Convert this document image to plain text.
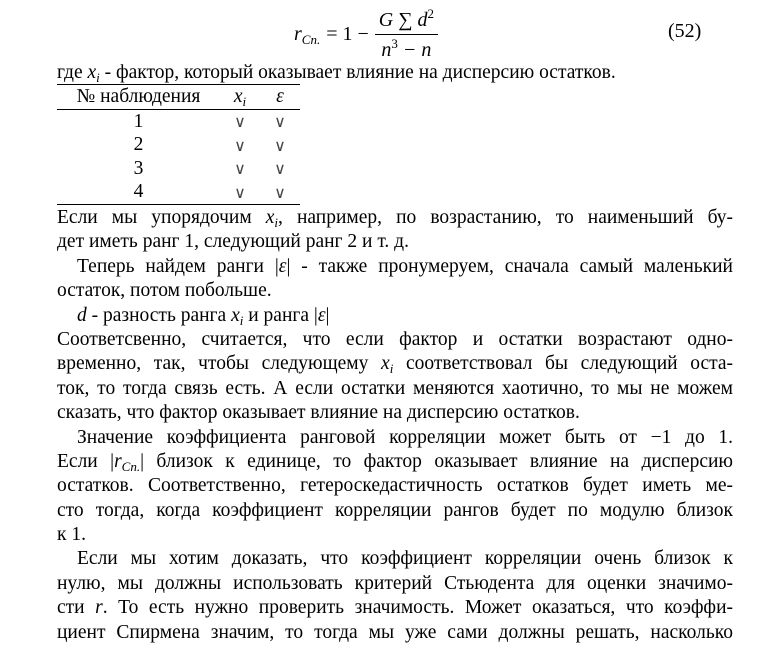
$r_{Cn.} = 1 - \frac{G \sum d^2}{n^3 - n}$	(52)
где $x_i$ - фактор, который оказывает влияние на дисперсию остатков.
№ наблюдения	$x_i$	ε
1	∨	∨
2	∨	∨
3	∨	∨
4	∨	∨
Если мы упорядочим $x_i$, например, по возрастанию, то наименьший бу-
дет иметь ранг 1, следующий ранг 2 и т. д.
Теперь найдем ранги |ε| - также пронумеруем, сначала самый маленький
остаток, потом побольше.
d - разность ранга $x_i$ и ранга |ε|
Соответсвенно, считается, что если фактор и остатки возрастают одно-
временно, так, чтобы следующему $x_i$ соответствовал бы следующий оста-
ток, то тогда связь есть. А если остатки меняются хаотично, то мы не можем
сказать, что фактор оказывает влияние на дисперсию остатков.
Значение коэффициента ранговой корреляции может быть от −1 до 1.
Если $|r_{Cn.}|$ близок к единице, то фактор оказывает влияние на дисперсию
остатков. Соответственно, гетероскедастичность остатков будет иметь ме-
сто тогда, когда коэффициент корреляции рангов будет по модулю близок
к 1.
Если мы хотим доказать, что коэффициент корреляции очень близок к
нулю, мы должны использовать критерий Стьюдента для оценки значимо-
сти r. То есть нужно проверить значимость. Может оказаться, что коэффи-
циент Спирмена значим, то тогда мы уже сами должны решать, насколько
